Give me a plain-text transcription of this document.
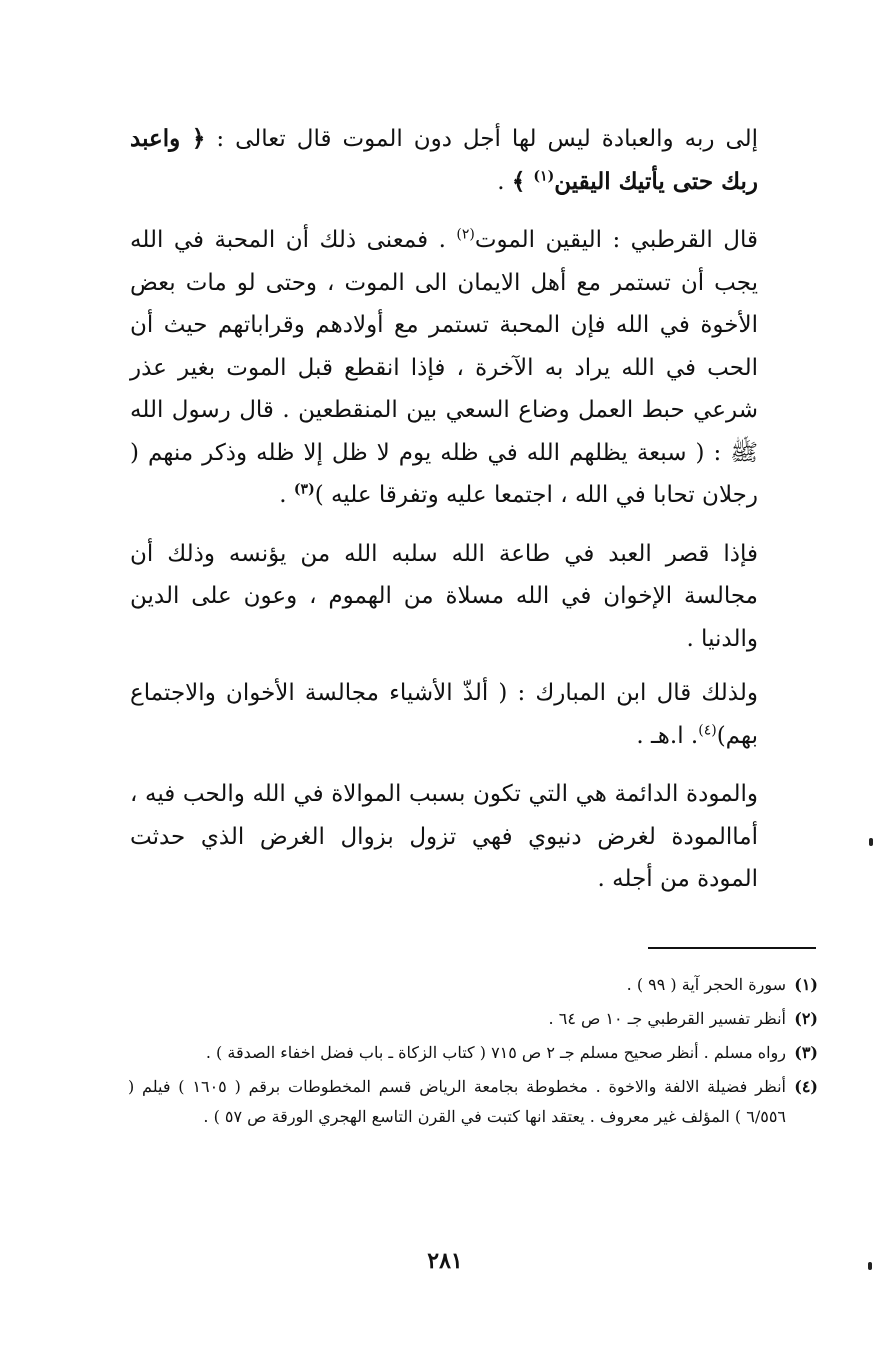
إلى ربه والعبادة ليس لها أجل دون الموت قال تعالى : ﴿ واعبد ربك حتى يأتيك اليقين$^{(١)}$ ﴾ .

قال القرطبي : اليقين الموت$^{(٢)}$ . فمعنى ذلك أن المحبة في الله يجب أن تستمر مع أهل الايمان الى الموت ، وحتى لو مات بعض الأخوة في الله فإن المحبة تستمر مع أولادهم وقراباتهم حيث أن الحب في الله يراد به الآخرة ، فإذا انقطع قبل الموت بغير عذر شرعي حبط العمل وضاع السعي بين المنقطعين . قال رسول الله ﷺ : ( سبعة يظلهم الله في ظله يوم لا ظل إلا ظله وذكر منهم ( رجلان تحابا في الله ، اجتمعا عليه وتفرقا عليه )$^{(٣)}$ .

فإذا قصر العبد في طاعة الله سلبه الله من يؤنسه وذلك أن مجالسة الإخوان في الله مسلاة من الهموم ، وعون على الدين والدنيا .

ولذلك قال ابن المبارك : ( ألذّ الأشياء مجالسة الأخوان والاجتماع بهم)$^{(٤)}$. ا.هـ .

والمودة الدائمة هي التي تكون بسبب الموالاة في الله والحب فيه ، أماالمودة لغرض دنيوي فهي تزول بزوال الغرض الذي حدثت المودة من أجله .

(١)
سورة الحجر آية ( ٩٩ ) .
(٢)
أنظر تفسير القرطبي جـ ١٠ ص ٦٤ .
(٣)
رواه مسلم . أنظر صحيح مسلم جـ ٢ ص ٧١٥ ( كتاب الزكاة ـ باب فضل اخفاء الصدقة ) .
(٤)
أنظر فضيلة الالفة والاخوة . مخطوطة بجامعة الرياض قسم المخطوطات برقم ( ١٦٠٥ ) فيلم ( ٦/٥٥٦ ) المؤلف غير معروف . يعتقد انها كتبت في القرن التاسع الهجري الورقة ص ٥٧ ) .
٢٨١
